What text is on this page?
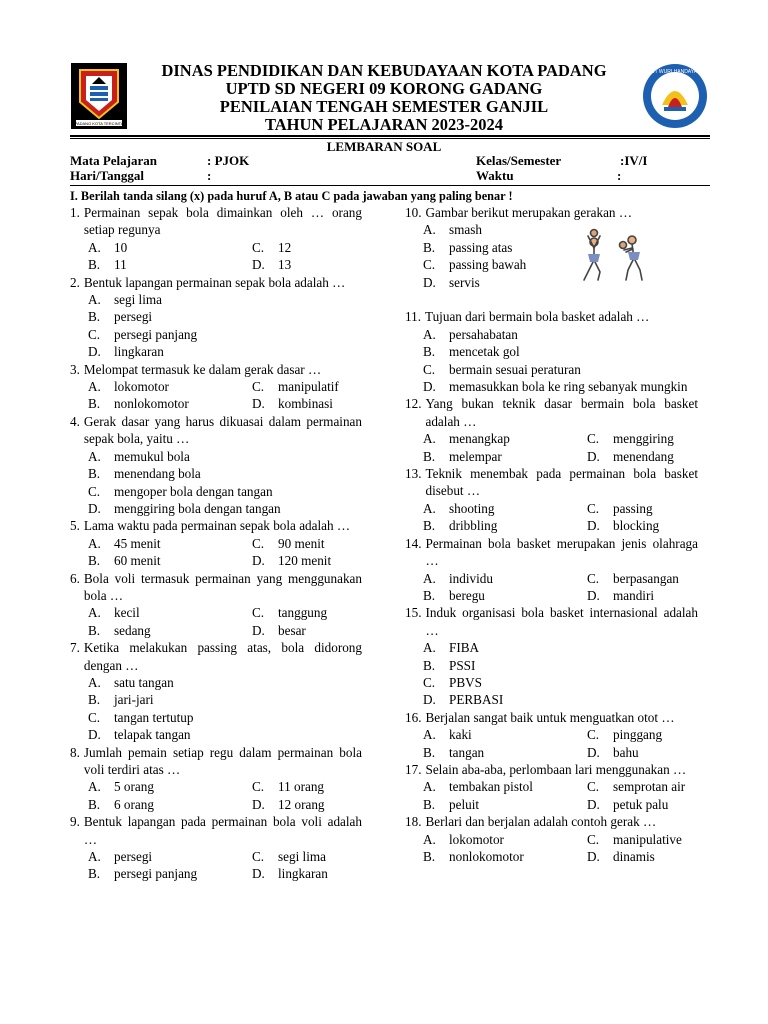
PADANG KOTA TERCINTA
TUT WURI HANDAYANI
DINAS PENDIDIKAN DAN KEBUDAYAAN KOTA PADANG
UPTD SD NEGERI 09 KORONG GADANG
PENILAIAN TENGAH SEMESTER GANJIL
TAHUN PELAJARAN 2023-2024
LEMBARAN SOAL
Mata Pelajaran	: PJOK
Hari/Tanggal	:
Kelas/Semester	:IV/I
Waktu	:
I. Berilah tanda silang (x) pada huruf A, B atau C pada jawaban yang paling benar !
1. Permainan sepak bola dimainkan oleh … orang setiap regunya
A. 10	C.	12
B.	11	D. 13
2. Bentuk lapangan permainan sepak bola adalah …
A. segi lima
B.	persegi
C.	persegi panjang
D. lingkaran
3. Melompat termasuk ke dalam gerak dasar …
A. lokomotor	C.	manipulatif
B.	nonlokomotor	D. kombinasi
4. Gerak dasar yang harus dikuasai dalam permainan sepak bola, yaitu …
A. memukul bola
B.	menendang bola
C.	mengoper bola dengan tangan
D. menggiring bola dengan tangan
5. Lama waktu pada permainan sepak bola adalah …
A. 45 menit	C.	90 menit
B.	60 menit	D. 120 menit
6. Bola voli termasuk permainan yang menggunakan bola …
A. kecil	C.	tanggung
B.	sedang	D. besar
7. Ketika melakukan passing atas, bola didorong dengan …
A. satu tangan
B.	jari-jari
C.	tangan tertutup
D. telapak tangan
8. Jumlah pemain setiap regu dalam permainan bola voli terdiri atas …
A. 5 orang	C.	11 orang
B.	6 orang	D. 12 orang
9. Bentuk lapangan pada permainan bola voli adalah …
A. persegi	C.	segi lima
B.	persegi panjang	D. lingkaran
10. Gambar berikut merupakan gerakan …
A. smash
B.	passing atas
C.	passing bawah
D. servis
11. Tujuan dari bermain bola basket adalah …
A. persahabatan
B.	mencetak gol
C.	bermain sesuai peraturan
D. memasukkan bola ke ring sebanyak mungkin
12. Yang bukan teknik dasar bermain bola basket adalah …
A. menangkap	C.	menggiring
B.	melempar	D. menendang
13. Teknik menembak pada permainan bola basket disebut …
A. shooting	C.	passing
B.	dribbling	D. blocking
14. Permainan bola basket merupakan jenis olahraga …
A. individu	C.	berpasangan
B.	beregu	D. mandiri
15. Induk organisasi bola basket internasional adalah …
A. FIBA
B.	PSSI
C.	PBVS
D. PERBASI
16. Berjalan sangat baik untuk menguatkan otot …
A. kaki	C.	pinggang
B.	tangan	D. bahu
17. Selain aba-aba, perlombaan lari menggunakan …
A. tembakan pistol	C.	semprotan air
B.	peluit	D. petuk palu
18. Berlari dan berjalan adalah contoh gerak …
A. lokomotor	C.	manipulative
B.	nonlokomotor	D. dinamis
